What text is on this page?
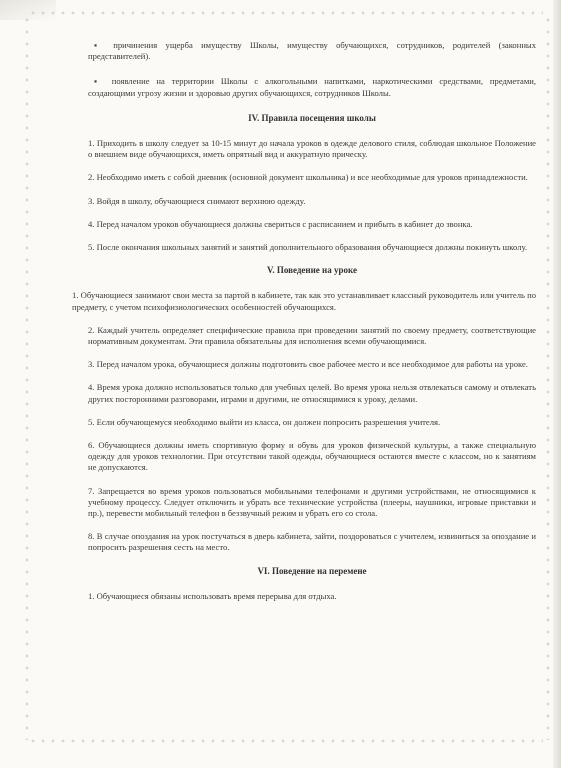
▪ причинения ущерба имуществу Школы, имуществу обучающихся, сотрудников, родителей (законных представителей).

▪ появление на территории Школы с алкогольными напитками, наркотическими средствами, предметами, создающими угрозу жизни и здоровью других обучающихся, сотрудников Школы.

IV. Правила посещения школы

1. Приходить в школу следует за 10-15 минут до начала уроков в одежде делового стиля, соблюдая школьное Положение о внешнем виде обучающихся, иметь опрятный вид и аккуратную прическу.

2. Необходимо иметь с собой дневник (основной документ школьника) и все необходимые для уроков принадлежности.

3. Войдя в школу, обучающиеся снимают верхнюю одежду.

4. Перед началом уроков обучающиеся должны свериться с расписанием и прибыть в кабинет до звонка.

5. После окончания школьных занятий и занятий дополнительного образования обучающиеся должны покинуть школу.

V. Поведение на уроке

1. Обучающиеся занимают свои места за партой в кабинете, так как это устанавливает классный руководитель или учитель по предмету, с учетом психофизиологических особенностей обучающихся.

2. Каждый учитель определяет специфические правила при проведении занятий по своему предмету, соответствующие нормативным документам. Эти правила обязательны для исполнения всеми обучающимися.

3. Перед началом урока, обучающиеся должны подготовить свое рабочее место и все необходимое для работы на уроке.

4. Время урока должно использоваться только для учебных целей. Во время урока нельзя отвлекаться самому и отвлекать других посторонними разговорами, играми и другими, не относящимися к уроку, делами.

5. Если обучающемуся необходимо выйти из класса, он должен попросить разрешения учителя.

6. Обучающиеся должны иметь спортивную форму и обувь для уроков физической культуры, а также специальную одежду для уроков технологии. При отсутствии такой одежды, обучающиеся остаются вместе с классом, но к занятиям не допускаются.

7. Запрещается во время уроков пользоваться мобильными телефонами и другими устройствами, не относящимися к учебному процессу. Следует отключить и убрать все технические устройства (плееры, наушники, игровые приставки и пр.), перевести мобильный телефон в беззвучный режим и убрать его со стола.

8. В случае опоздания на урок постучаться в дверь кабинета, зайти, поздороваться с учителем, извиниться за опоздание и попросить разрешения сесть на место.

VI. Поведение на перемене

1. Обучающиеся обязаны использовать время перерыва для отдыха.
